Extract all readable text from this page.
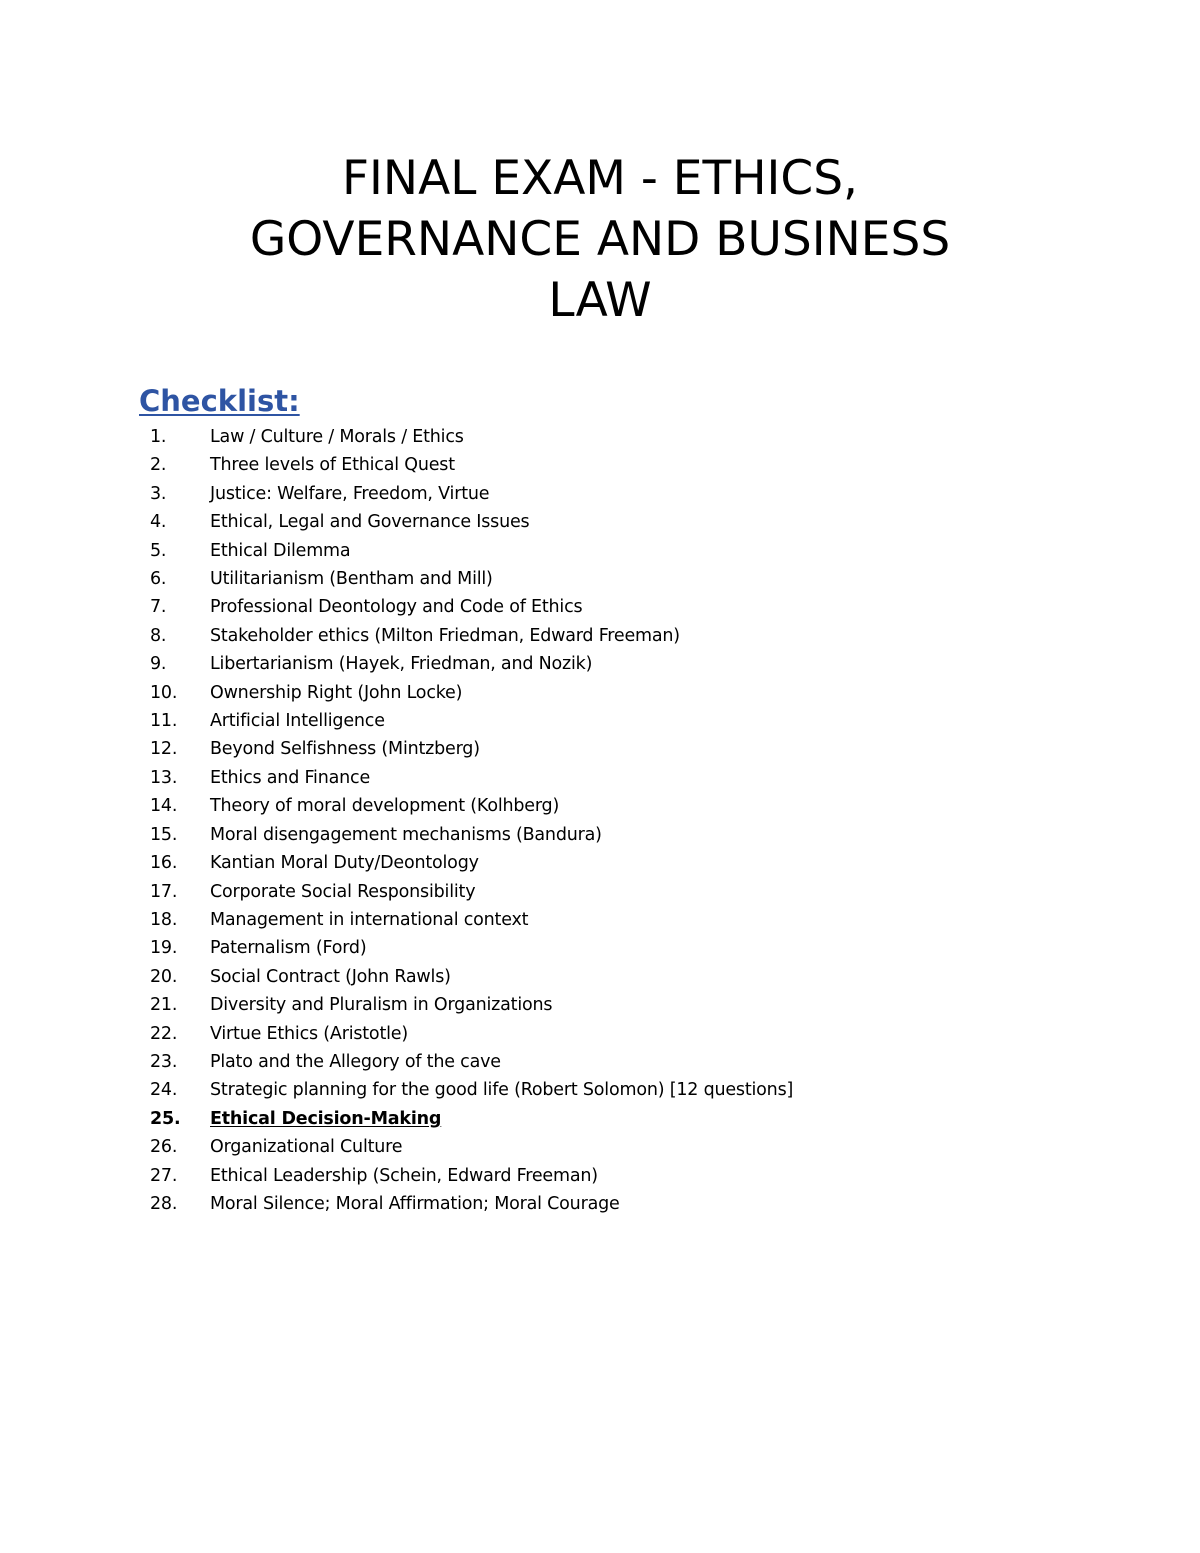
FINAL EXAM - ETHICS,
GOVERNANCE AND BUSINESS
LAW
Checklist:
1.	Law / Culture / Morals / Ethics
2.	Three levels of Ethical Quest
3.	Justice: Welfare, Freedom, Virtue
4.	Ethical, Legal and Governance Issues
5.	Ethical Dilemma
6.	Utilitarianism (Bentham and Mill)
7.	Professional Deontology and Code of Ethics
8.	Stakeholder ethics (Milton Friedman, Edward Freeman)
9.	Libertarianism (Hayek, Friedman, and Nozik)
10.	Ownership Right (John Locke)
11.	Artificial Intelligence
12.	Beyond Selfishness (Mintzberg)
13.	Ethics and Finance
14.	Theory of moral development (Kolhberg)
15.	Moral disengagement mechanisms (Bandura)
16.	Kantian Moral Duty/Deontology
17.	Corporate Social Responsibility
18.	Management in international context
19.	Paternalism (Ford)
20.	Social Contract (John Rawls)
21.	Diversity and Pluralism in Organizations
22.	Virtue Ethics (Aristotle)
23.	Plato and the Allegory of the cave
24.	Strategic planning for the good life (Robert Solomon) [12 questions]
25.	Ethical Decision-Making
26.	Organizational Culture
27.	Ethical Leadership (Schein, Edward Freeman)
28.	Moral Silence; Moral Affirmation; Moral Courage
